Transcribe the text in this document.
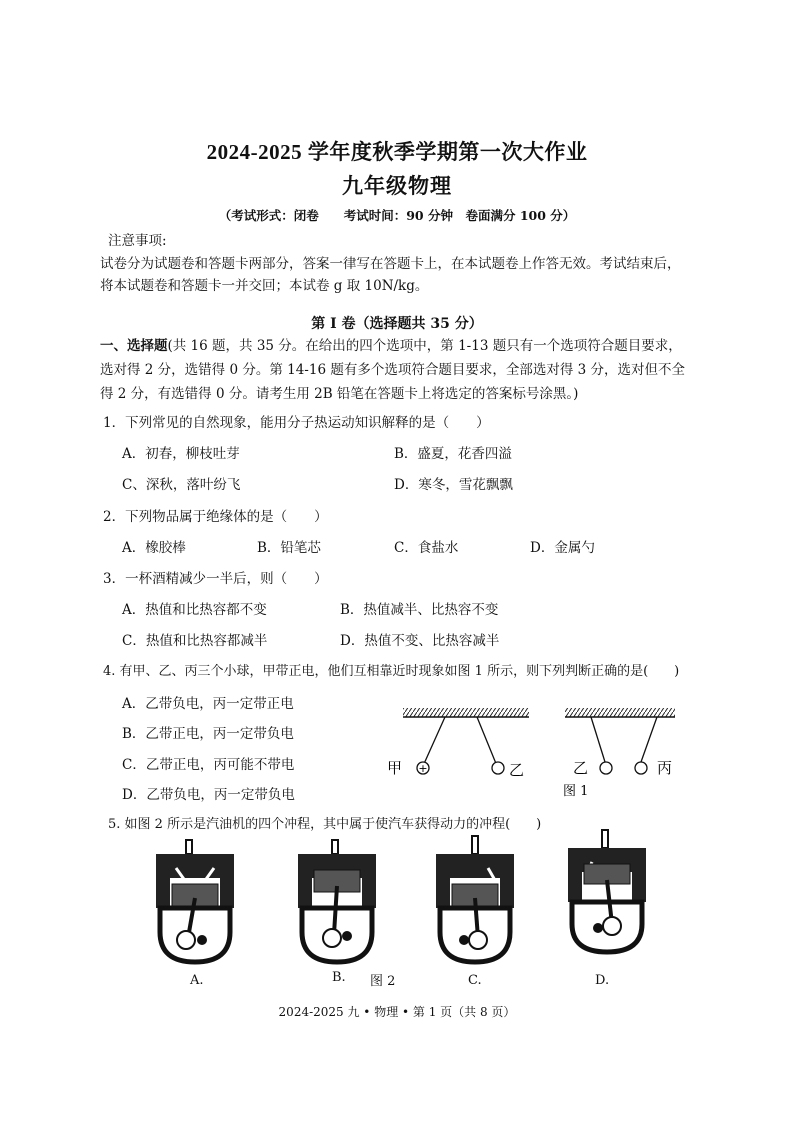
2024-2025 学年度秋季学期第一次大作业
九年级物理
（考试形式：闭卷　　考试时间：90 分钟　卷面满分 100 分）
注意事项:
试卷分为试题卷和答题卡两部分，答案一律写在答题卡上，在本试题卷上作答无效。考试结束后，
将本试题卷和答题卡一并交回；本试卷 g 取 10N/kg。
第 I 卷（选择题共 35 分）
一、选择题(共 16 题，共 35 分。在给出的四个选项中，第 1-13 题只有一个选项符合题目要求，
选对得 2 分，选错得 0 分。第 14-16 题有多个选项符合题目要求，全部选对得 3 分，选对但不全
得 2 分，有选错得 0 分。请考生用 2B 铅笔在答题卡上将选定的答案标号涂黑。)
1．下列常见的自然现象，能用分子热运动知识解释的是（　　）
A．初春，柳枝吐芽	B．盛夏，花香四溢
C、深秋，落叶纷飞	D．寒冬，雪花飘飘
2．下列物品属于绝缘体的是（　　）
A．橡胶棒	B．铅笔芯	C．食盐水	D．金属勺
3．一杯酒精减少一半后，则（　　）
A．热值和比热容都不变	B．热值减半、比热容不变
C．热值和比热容都减半	D．热值不变、比热容减半
4. 有甲、乙、丙三个小球，甲带正电，他们互相靠近时现象如图 1 所示，则下列判断正确的是(　　)
A．乙带负电，丙一定带正电
B．乙带正电，丙一定带负电
C．乙带正电，丙可能不带电
D．乙带负电，丙一定带负电
+
甲	乙	乙	丙
图 1
5. 如图 2 所示是汽油机的四个冲程，其中属于使汽车获得动力的冲程(　　)
A.	B. 图 2	C.	D.
2024-2025 九 • 物理 • 第 1 页（共 8 页）
